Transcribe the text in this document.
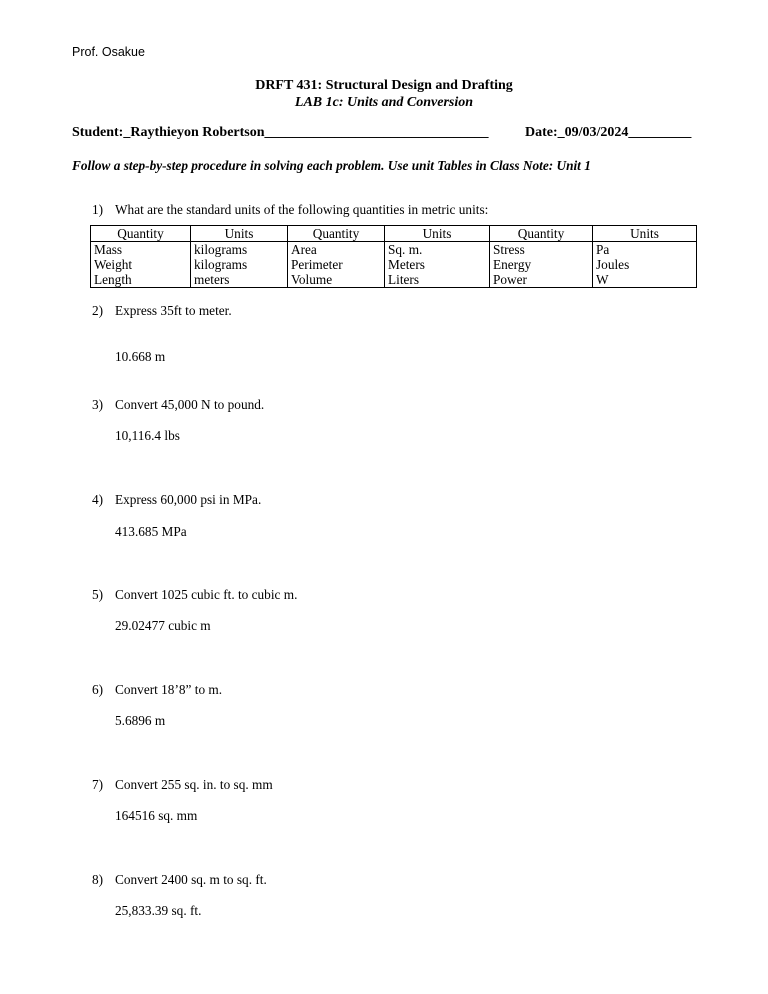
Prof. Osakue
DRFT 431: Structural Design and Drafting
LAB 1c: Units and Conversion
Student:_Raythieyon Robertson________________________________	Date:_09/03/2024_________
Follow a step-by-step procedure in solving each problem. Use unit Tables in Class Note: Unit 1
1) What are the standard units of the following quantities in metric units:
Quantity	Units	Quantity	Units	Quantity	Units
Mass	kilograms	Area	Sq. m.	Stress	Pa
Weight	kilograms	Perimeter	Meters	Energy	Joules
Length	meters	Volume	Liters	Power	W
2) Express 35ft to meter.
10.668 m
3) Convert 45,000 N to pound.
10,116.4 lbs
4) Express 60,000 psi in MPa.
413.685 MPa
5) Convert 1025 cubic ft. to cubic m.
29.02477 cubic m
6) Convert 18’8” to m.
5.6896 m
7) Convert 255 sq. in. to sq. mm
164516 sq. mm
8) Convert 2400 sq. m to sq. ft.
25,833.39 sq. ft.
